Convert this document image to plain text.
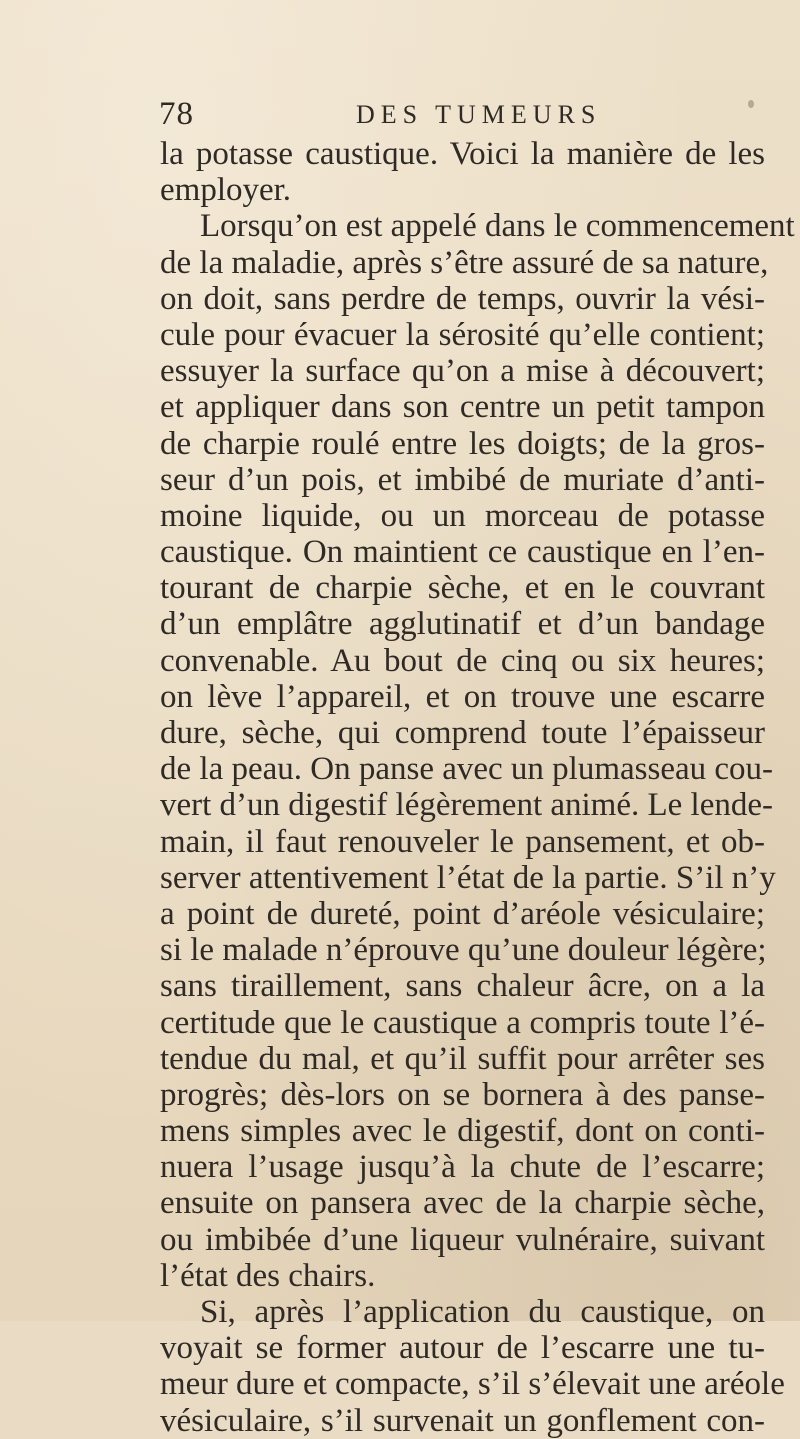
78	DES TUMEURS
la potasse caustique. Voici la manière de les
employer.
Lorsqu’on est appelé dans le commencement
de la maladie, après s’être assuré de sa nature,
on doit, sans perdre de temps, ouvrir la vési-
cule pour évacuer la sérosité qu’elle contient;
essuyer la surface qu’on a mise à découvert;
et appliquer dans son centre un petit tampon
de charpie roulé entre les doigts; de la gros-
seur d’un pois, et imbibé de muriate d’anti-
moine liquide, ou un morceau de potasse
caustique. On maintient ce caustique en l’en-
tourant de charpie sèche, et en le couvrant
d’un emplâtre agglutinatif et d’un bandage
convenable. Au bout de cinq ou six heures;
on lève l’appareil, et on trouve une escarre
dure, sèche, qui comprend toute l’épaisseur
de la peau. On panse avec un plumasseau cou-
vert d’un digestif légèrement animé. Le lende-
main, il faut renouveler le pansement, et ob-
server attentivement l’état de la partie. S’il n’y
a point de dureté, point d’aréole vésiculaire;
si le malade n’éprouve qu’une douleur légère;
sans tiraillement, sans chaleur âcre, on a la
certitude que le caustique a compris toute l’é-
tendue du mal, et qu’il suffit pour arrêter ses
progrès; dès-lors on se bornera à des panse-
mens simples avec le digestif, dont on conti-
nuera l’usage jusqu’à la chute de l’escarre;
ensuite on pansera avec de la charpie sèche,
ou imbibée d’une liqueur vulnéraire, suivant
l’état des chairs.
Si, après l’application du caustique, on
voyait se former autour de l’escarre une tu-
meur dure et compacte, s’il s’élevait une aréole
vésiculaire, s’il survenait un gonflement con-
